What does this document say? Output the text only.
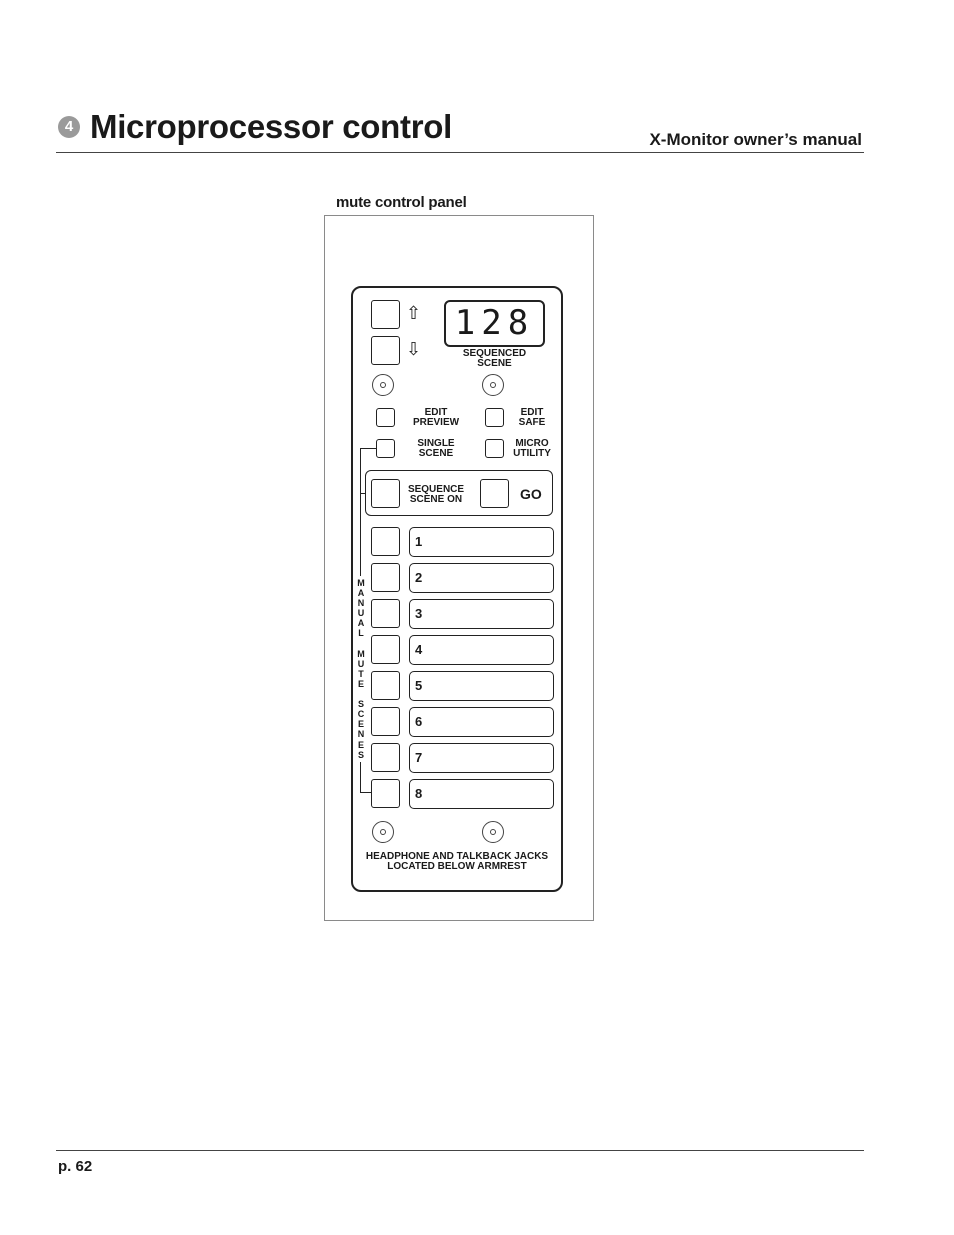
4 Microprocessor control	X-Monitor owner’s manual
mute control panel
⇧
⇩
128
SEQUENCED
SCENE
EDIT
PREVIEW
EDIT
SAFE
SINGLE
SCENE
MICRO
UTILITY
SEQUENCE
SCENE ON	GO
1
2
3
4
5
6
7
8
M
A
N
U
A
L

M
U
T
E

S
C
E
N
E
S
HEADPHONE AND TALKBACK JACKS
LOCATED BELOW ARMREST
p. 62
